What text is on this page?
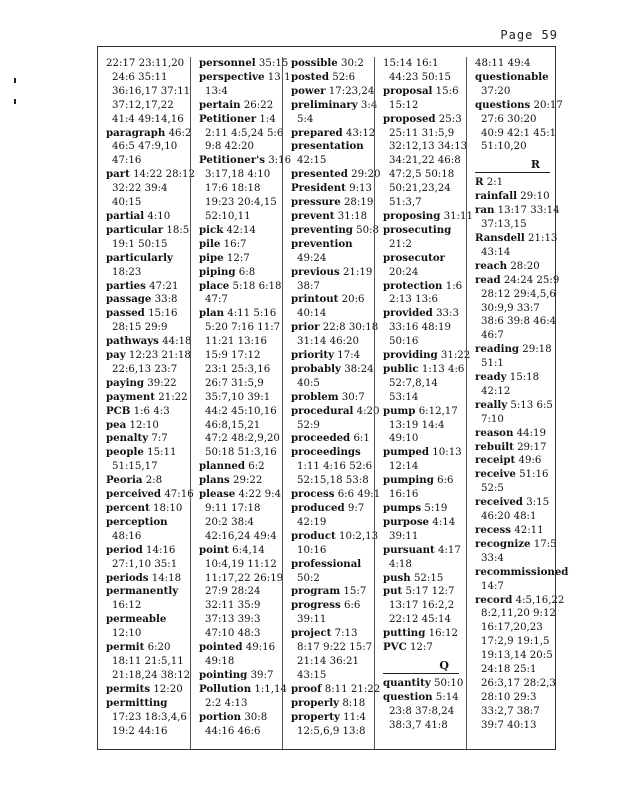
Page 59
22:17 23:11,20
24:6 35:11
36:16,17 37:11
37:12,17,22
41:4 49:14,16
paragraph 46:2
46:5 47:9,10
47:16
part 14:22 28:12
32:22 39:4
40:15
partial 4:10
particular 18:5
19:1 50:15
particularly
18:23
parties 47:21
passage 33:8
passed 15:16
28:15 29:9
pathways 44:18
pay 12:23 21:18
22:6,13 23:7
paying 39:22
payment 21:22
PCB 1:6 4:3
pea 12:10
penalty 7:7
people 15:11
51:15,17
Peoria 2:8
perceived 47:16
percent 18:10
perception
48:16
period 14:16
27:1,10 35:1
periods 14:18
permanently
16:12
permeable
12:10
permit 6:20
18:11 21:5,11
21:18,24 38:12
permits 12:20
permitting
17:23 18:3,4,6
19:2 44:16
personnel 35:15
perspective 13:1
13:4
pertain 26:22
Petitioner 1:4
2:11 4:5,24 5:6
9:8 42:20
Petitioner's 3:16
3:17,18 4:10
17:6 18:18
19:23 20:4,15
52:10,11
pick 42:14
pile 16:7
pipe 12:7
piping 6:8
place 5:18 6:18
47:7
plan 4:11 5:16
5:20 7:16 11:7
11:21 13:16
15:9 17:12
23:1 25:3,16
26:7 31:5,9
35:7,10 39:1
44:2 45:10,16
46:8,15,21
47:2 48:2,9,20
50:18 51:3,16
planned 6:2
plans 29:22
please 4:22 9:4
9:11 17:18
20:2 38:4
42:16,24 49:4
point 6:4,14
10:4,19 11:12
11:17,22 26:19
27:9 28:24
32:11 35:9
37:13 39:3
47:10 48:3
pointed 49:16
49:18
pointing 39:7
Pollution 1:1,14
2:2 4:13
portion 30:8
44:16 46:6
possible 30:2
posted 52:6
power 17:23,24
preliminary 3:4
5:4
prepared 43:12
presentation
42:15
presented 29:20
President 9:13
pressure 28:19
prevent 31:18
preventing 50:8
prevention
49:24
previous 21:19
38:7
printout 20:6
40:14
prior 22:8 30:18
31:14 46:20
priority 17:4
probably 38:24
40:5
problem 30:7
procedural 4:20
52:9
proceeded 6:1
proceedings
1:11 4:16 52:6
52:15,18 53:8
process 6:6 49:1
produced 9:7
42:19
product 10:2,13
10:16
professional
50:2
program 15:7
progress 6:6
39:11
project 7:13
8:17 9:22 15:7
21:14 36:21
43:15
proof 8:11 21:22
properly 8:18
property 11:4
12:5,6,9 13:8
15:14 16:1
44:23 50:15
proposal 15:6
15:12
proposed 25:3
25:11 31:5,9
32:12,13 34:13
34:21,22 46:8
47:2,5 50:18
50:21,23,24
51:3,7
proposing 31:11
prosecuting
21:2
prosecutor
20:24
protection 1:6
2:13 13:6
provided 33:3
33:16 48:19
50:16
providing 31:22
public 1:13 4:6
52:7,8,14
53:14
pump 6:12,17
13:19 14:4
49:10
pumped 10:13
12:14
pumping 6:6
16:16
pumps 5:19
purpose 4:14
39:11
pursuant 4:17
4:18
push 52:15
put 5:17 12:7
13:17 16:2,2
22:12 45:14
putting 16:12
PVC 12:7
Q
quantity 50:10
question 5:14
23:8 37:8,24
38:3,7 41:8
48:11 49:4
questionable
37:20
questions 20:17
27:6 30:20
40:9 42:1 45:1
51:10,20
R
R 2:1
rainfall 29:10
ran 13:17 33:14
37:13,15
Ransdell 21:13
43:14
reach 28:20
read 24:24 25:9
28:12 29:4,5,6
30:9,9 33:7
38:6 39:8 46:4
46:7
reading 29:18
51:1
ready 15:18
42:12
really 5:13 6:5
7:10
reason 44:19
rebuilt 29:17
receipt 49:6
receive 51:16
52:5
received 3:15
46:20 48:1
recess 42:11
recognize 17:5
33:4
recommissioned
14:7
record 4:5,16,22
8:2,11,20 9:12
16:17,20,23
17:2,9 19:1,5
19:13,14 20:5
24:18 25:1
26:3,17 28:2,3
28:10 29:3
33:2,7 38:7
39:7 40:13
